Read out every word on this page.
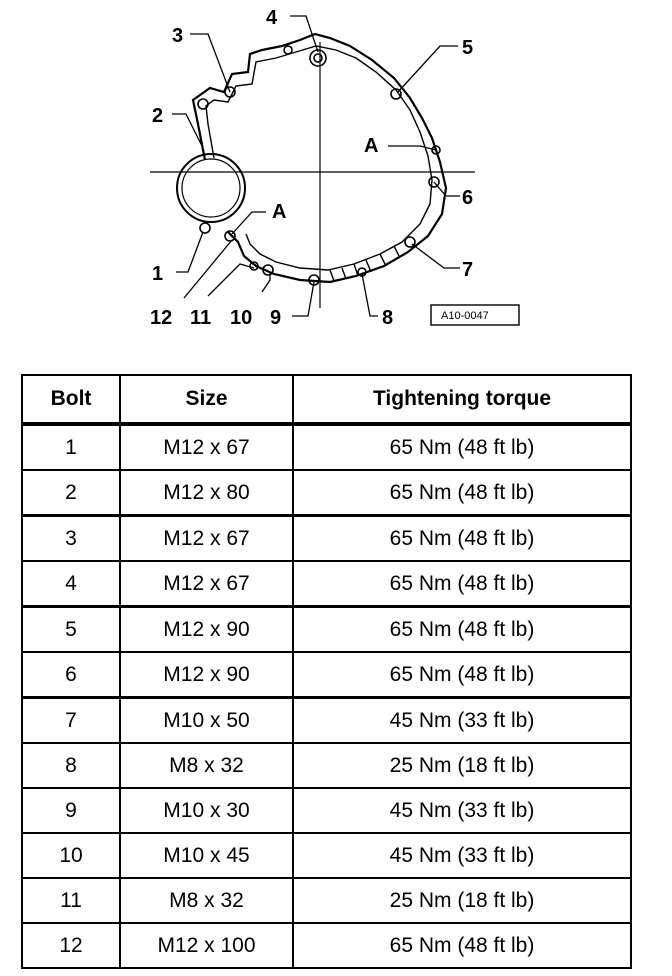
1
2
3
4
5
A
6
A
7
12 11 10 9	8	A10-0047
Bolt	Size	Tightening torque
1	M12 x 67	65 Nm (48 ft lb)
2	M12 x 80	65 Nm (48 ft lb)
3	M12 x 67	65 Nm (48 ft lb)
4	M12 x 67	65 Nm (48 ft lb)
5	M12 x 90	65 Nm (48 ft lb)
6	M12 x 90	65 Nm (48 ft lb)
7	M10 x 50	45 Nm (33 ft lb)
8	M8 x 32	25 Nm (18 ft lb)
9	M10 x 30	45 Nm (33 ft lb)
10	M10 x 45	45 Nm (33 ft lb)
11	M8 x 32	25 Nm (18 ft lb)
12	M12 x 100	65 Nm (48 ft lb)
